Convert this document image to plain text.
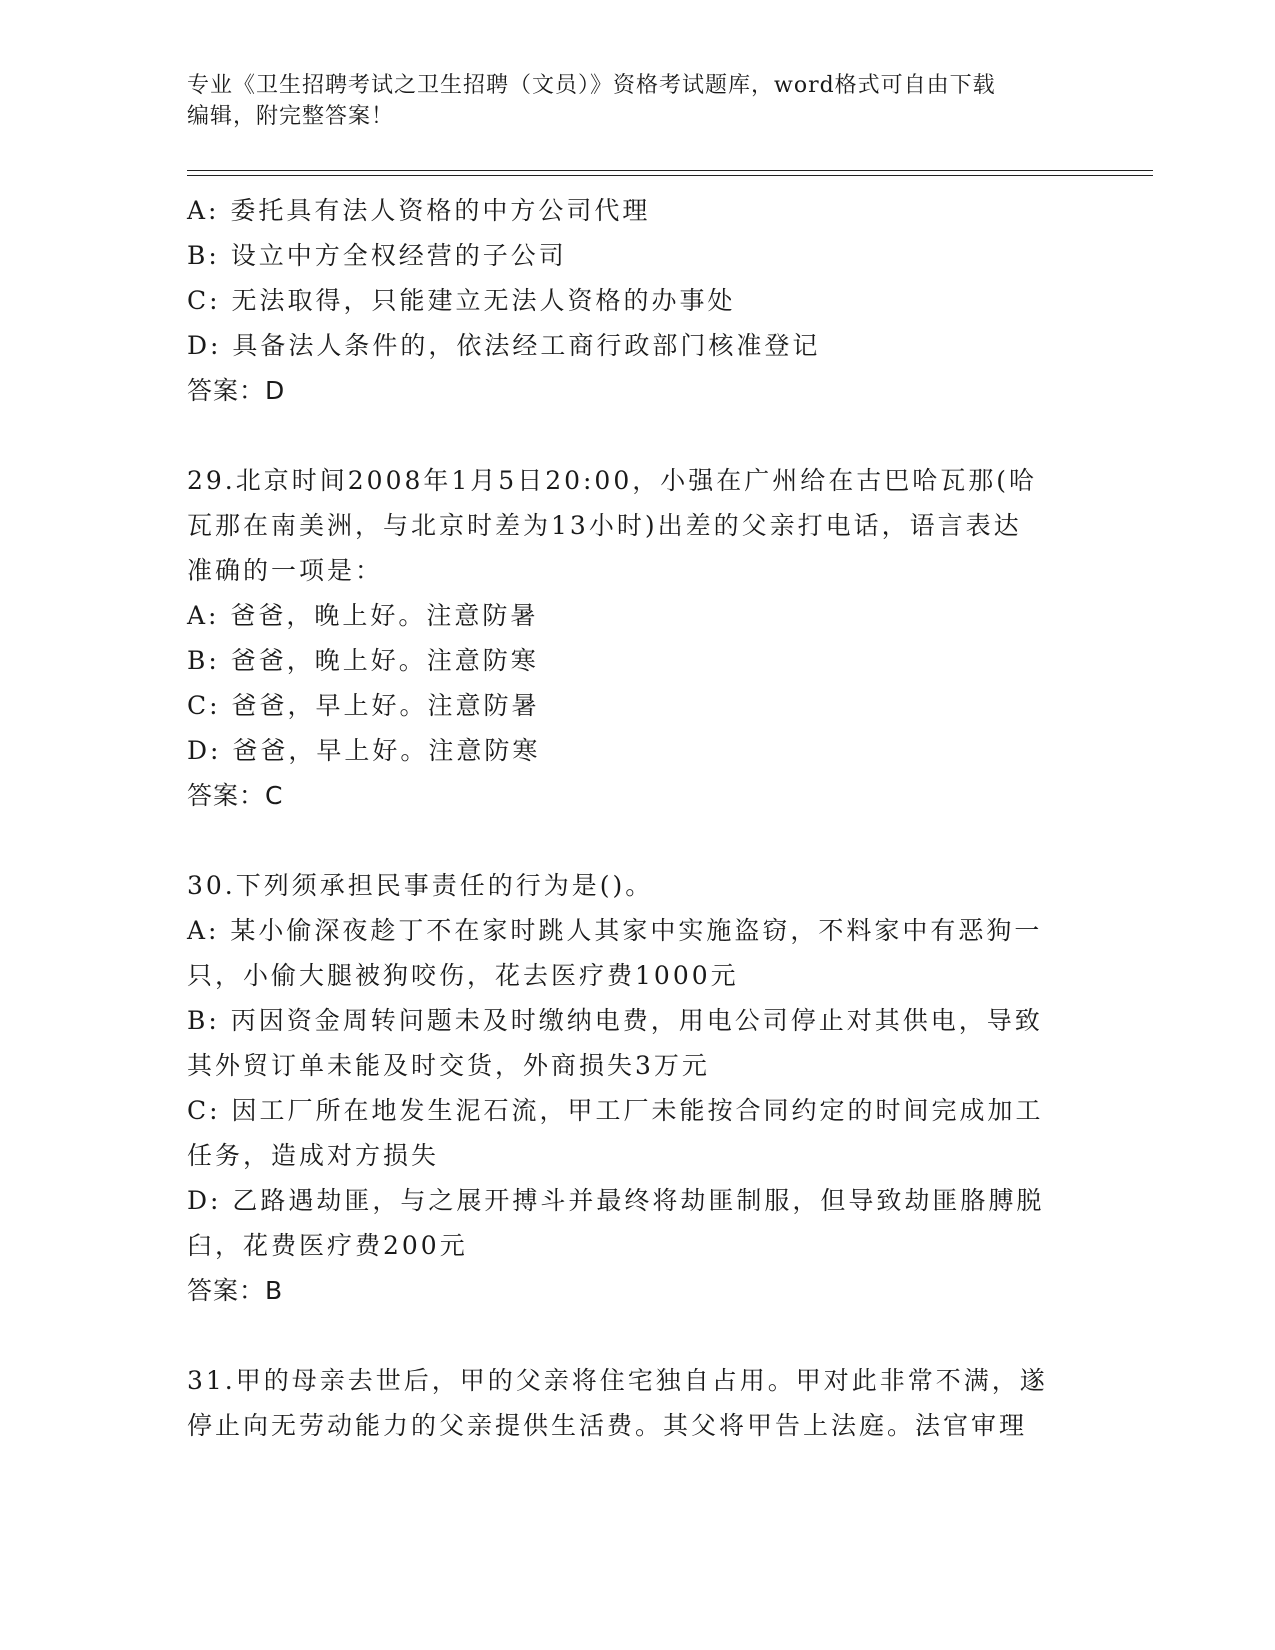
专业《卫生招聘考试之卫生招聘（文员）》资格考试题库，word格式可自由下载
编辑，附完整答案！
A: 委托具有法人资格的中方公司代理
B: 设立中方全权经营的子公司
C: 无法取得，只能建立无法人资格的办事处
D: 具备法人条件的，依法经工商行政部门核准登记
答案：D
29.北京时间2008年1月5日20:00，小强在广州给在古巴哈瓦那(哈
瓦那在南美洲，与北京时差为13小时)出差的父亲打电话，语言表达
准确的一项是：
A: 爸爸，晚上好。注意防暑
B: 爸爸，晚上好。注意防寒
C: 爸爸，早上好。注意防暑
D: 爸爸，早上好。注意防寒
答案：C
30.下列须承担民事责任的行为是()。
A: 某小偷深夜趁丁不在家时跳人其家中实施盗窃，不料家中有恶狗一
只，小偷大腿被狗咬伤，花去医疗费1000元
B: 丙因资金周转问题未及时缴纳电费，用电公司停止对其供电，导致
其外贸订单未能及时交货，外商损失3万元
C: 因工厂所在地发生泥石流，甲工厂未能按合同约定的时间完成加工
任务，造成对方损失
D: 乙路遇劫匪，与之展开搏斗并最终将劫匪制服，但导致劫匪胳膊脱
臼，花费医疗费200元
答案：B
31.甲的母亲去世后，甲的父亲将住宅独自占用。甲对此非常不满，遂
停止向无劳动能力的父亲提供生活费。其父将甲告上法庭。法官审理
